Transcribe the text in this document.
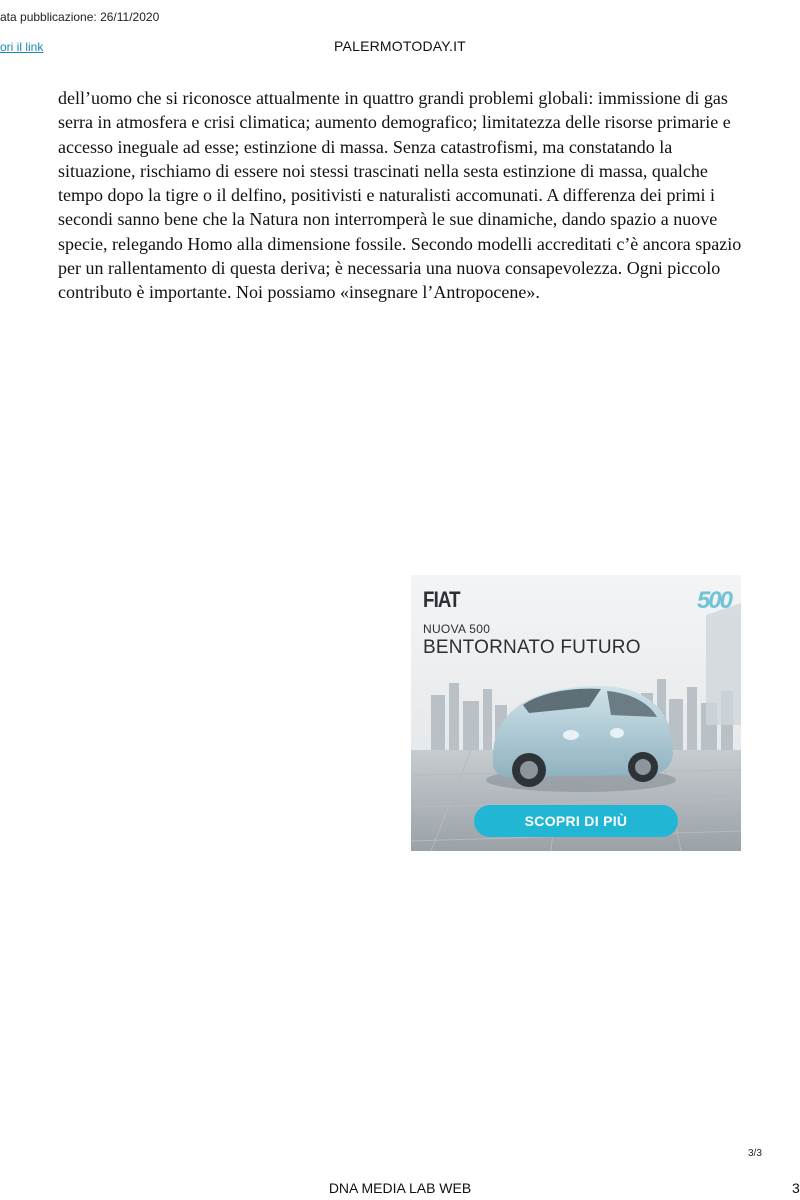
ata pubblicazione: 26/11/2020
ori il link	PALERMOTODAY.IT

dell’uomo che si riconosce attualmente in quattro grandi problemi globali: immissione di gas serra in atmosfera e crisi climatica; aumento demografico; limitatezza delle risorse primarie e accesso ineguale ad esse; estinzione di massa. Senza catastrofismi, ma constatando la situazione, rischiamo di essere noi stessi trascinati nella sesta estinzione di massa, qualche tempo dopo la tigre o il delfino, positivisti e naturalisti accomunati. A differenza dei primi i secondi sanno bene che la Natura non interromperà le sue dinamiche, dando spazio a nuove specie, relegando Homo alla dimensione fossile. Secondo modelli accreditati c’è ancora spazio per un rallentamento di questa deriva; è necessaria una nuova consapevolezza. Ogni piccolo contributo è importante. Noi possiamo «insegnare l’Antropocene».

FIAT	500
NUOVA 500
BENTORNATO FUTURO
SCOPRI DI PIÙ
3/3
DNA MEDIA LAB WEB	3
